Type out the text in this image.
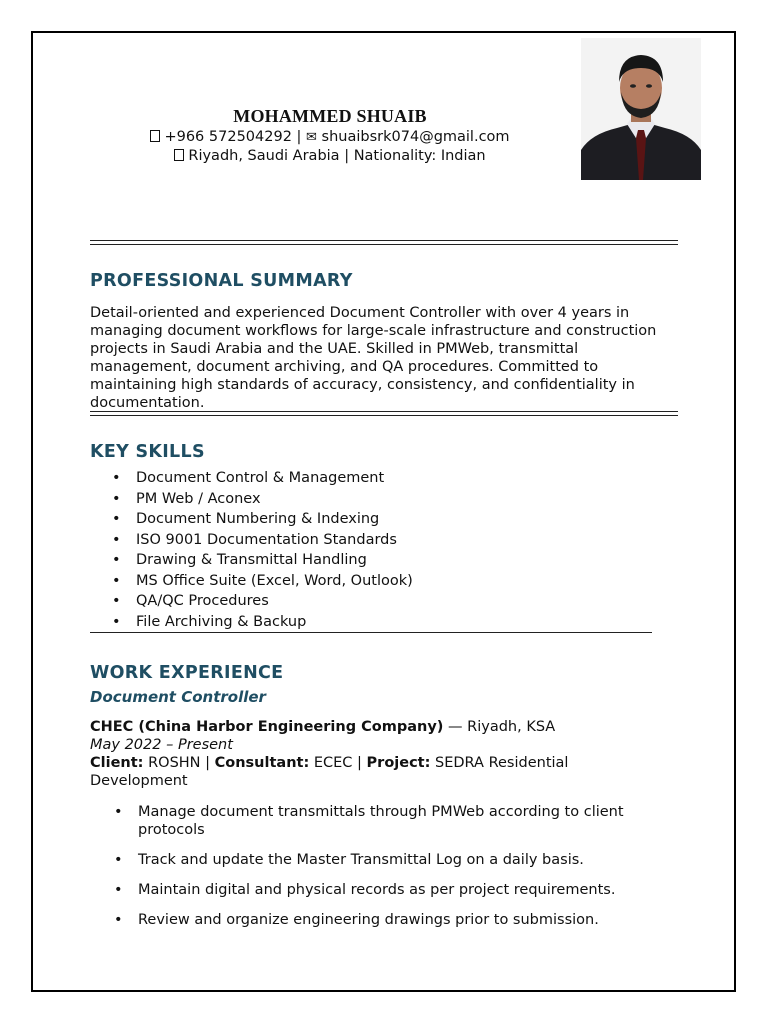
MOHAMMED SHUAIB
+966 572504292 | ✉ shuaibsrk074@gmail.com
Riyadh, Saudi Arabia | Nationality: Indian
PROFESSIONAL SUMMARY
Detail-oriented and experienced Document Controller with over 4 years in managing document workflows for large-scale infrastructure and construction projects in Saudi Arabia and the UAE. Skilled in PMWeb, transmittal management, document archiving, and QA procedures. Committed to maintaining high standards of accuracy, consistency, and confidentiality in documentation.
KEY SKILLS
• Document Control & Management
• PM Web / Aconex
• Document Numbering & Indexing
• ISO 9001 Documentation Standards
• Drawing & Transmittal Handling
• MS Office Suite (Excel, Word, Outlook)
• QA/QC Procedures
• File Archiving & Backup
WORK EXPERIENCE
Document Controller
CHEC (China Harbor Engineering Company) — Riyadh, KSA
May 2022 – Present
Client: ROSHN | Consultant: ECEC | Project: SEDRA Residential Development
• Manage document transmittals through PMWeb according to client protocols
• Track and update the Master Transmittal Log on a daily basis.
• Maintain digital and physical records as per project requirements.
• Review and organize engineering drawings prior to submission.
